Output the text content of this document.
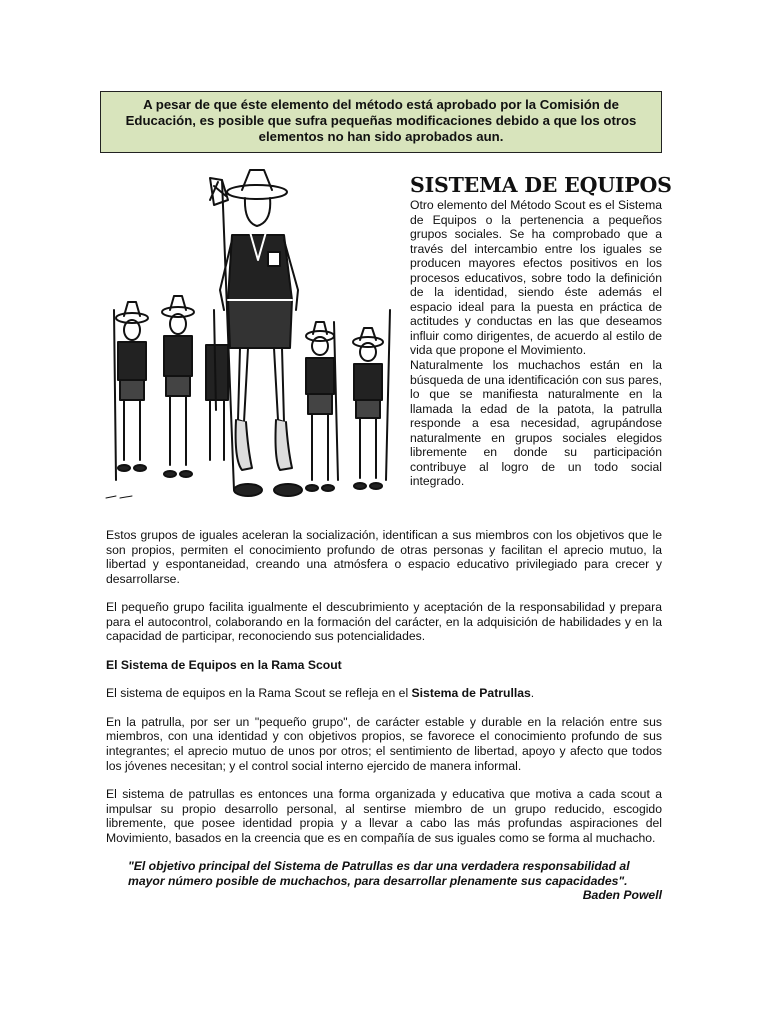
A pesar de que éste elemento del método está aprobado por la Comisión de Educación, es posible que sufra pequeñas modificaciones debido a que los otros elementos no han sido aprobados aun.
SISTEMA DE EQUIPOS

Otro elemento del Método Scout es el Sistema de Equipos o la pertenencia a pequeños grupos sociales. Se ha comprobado que a través del intercambio entre los iguales se producen mayores efectos positivos en los procesos educativos, sobre todo la definición de la identidad, siendo éste además el espacio ideal para la puesta en práctica de actitudes y conductas en las que deseamos influir como dirigentes, de acuerdo al estilo de vida que propone el Movimiento.

Naturalmente los muchachos están en la búsqueda de una identificación con sus pares, lo que se manifiesta naturalmente en la llamada la edad de la patota, la patrulla responde a esa necesidad, agrupándose naturalmente en grupos sociales elegidos libremente en donde su participación contribuye al logro de un todo social integrado.

Estos grupos de iguales aceleran la socialización, identifican a sus miembros con los objetivos que le son propios, permiten el conocimiento profundo de otras personas y facilitan el aprecio mutuo, la libertad y espontaneidad, creando una atmósfera o espacio educativo privilegiado para crecer y desarrollarse.

El pequeño grupo facilita igualmente el descubrimiento y aceptación de la responsabilidad y prepara para el autocontrol, colaborando en la formación del carácter, en la adquisición de habilidades y en la capacidad de participar, reconociendo sus potencialidades.

El Sistema de Equipos en la Rama Scout

El sistema de equipos en la Rama Scout se refleja en el Sistema de Patrullas.

En la patrulla, por ser un "pequeño grupo", de carácter estable y durable en la relación entre sus miembros, con una identidad y con objetivos propios, se favorece el conocimiento profundo de sus integrantes; el aprecio mutuo de unos por otros; el sentimiento de libertad, apoyo y afecto que todos los jóvenes necesitan; y el control social interno ejercido de manera informal.

El sistema de patrullas es entonces una forma organizada y educativa que motiva a cada scout a impulsar su propio desarrollo personal, al sentirse miembro de un grupo reducido, escogido libremente, que posee identidad propia y a llevar a cabo las más profundas aspiraciones del Movimiento, basados en la creencia que es en compañía de sus iguales como se forma al muchacho.

"El objetivo principal del Sistema de Patrullas es dar una verdadera responsabilidad al mayor número posible de muchachos, para desarrollar plenamente sus capacidades".

Baden Powell
